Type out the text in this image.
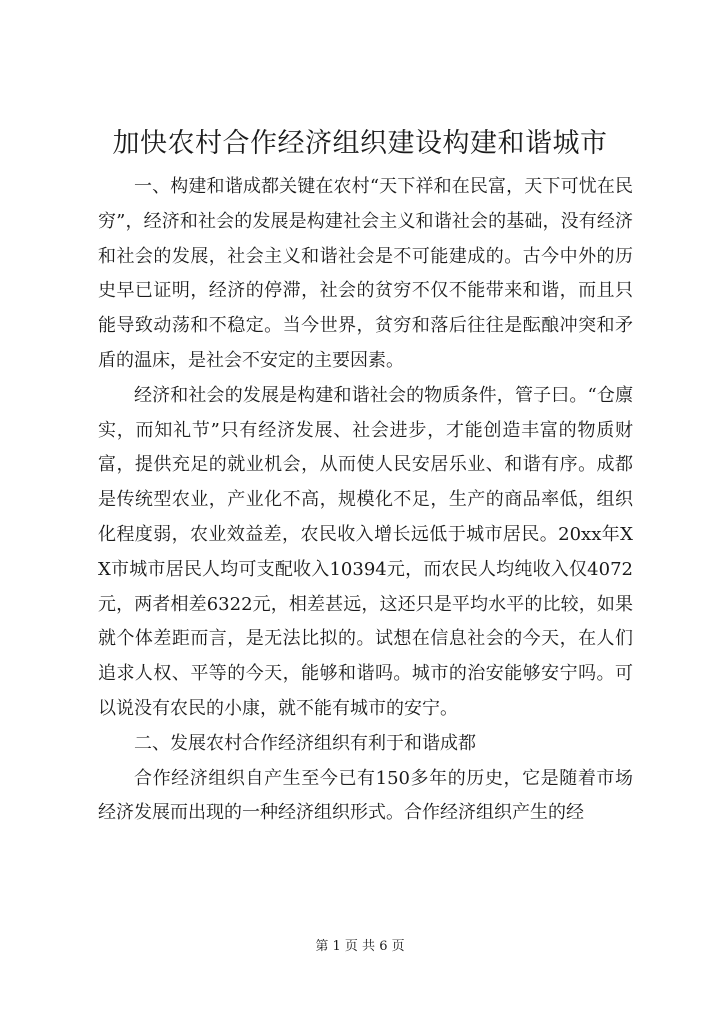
加快农村合作经济组织建设构建和谐城市

一、构建和谐成都关键在农村“天下祥和在民富，天下可忧在民穷”，经济和社会的发展是构建社会主义和谐社会的基础，没有经济和社会的发展，社会主义和谐社会是不可能建成的。古今中外的历史早已证明，经济的停滞，社会的贫穷不仅不能带来和谐，而且只能导致动荡和不稳定。当今世界，贫穷和落后往往是酝酿冲突和矛盾的温床，是社会不安定的主要因素。

经济和社会的发展是构建和谐社会的物质条件，管子曰。“仓廪实，而知礼节”只有经济发展、社会进步，才能创造丰富的物质财富，提供充足的就业机会，从而使人民安居乐业、和谐有序。成都是传统型农业，产业化不高，规模化不足，生产的商品率低，组织化程度弱，农业效益差，农民收入增长远低于城市居民。20xx年XX市城市居民人均可支配收入10394元，而农民人均纯收入仅4072元，两者相差6322元，相差甚远，这还只是平均水平的比较，如果就个体差距而言，是无法比拟的。试想在信息社会的今天，在人们追求人权、平等的今天，能够和谐吗。城市的治安能够安宁吗。可以说没有农民的小康，就不能有城市的安宁。

二、发展农村合作经济组织有利于和谐成都

合作经济组织自产生至今已有150多年的历史，它是随着市场经济发展而出现的一种经济组织形式。合作经济组织产生的经

第 1 页 共 6 页
